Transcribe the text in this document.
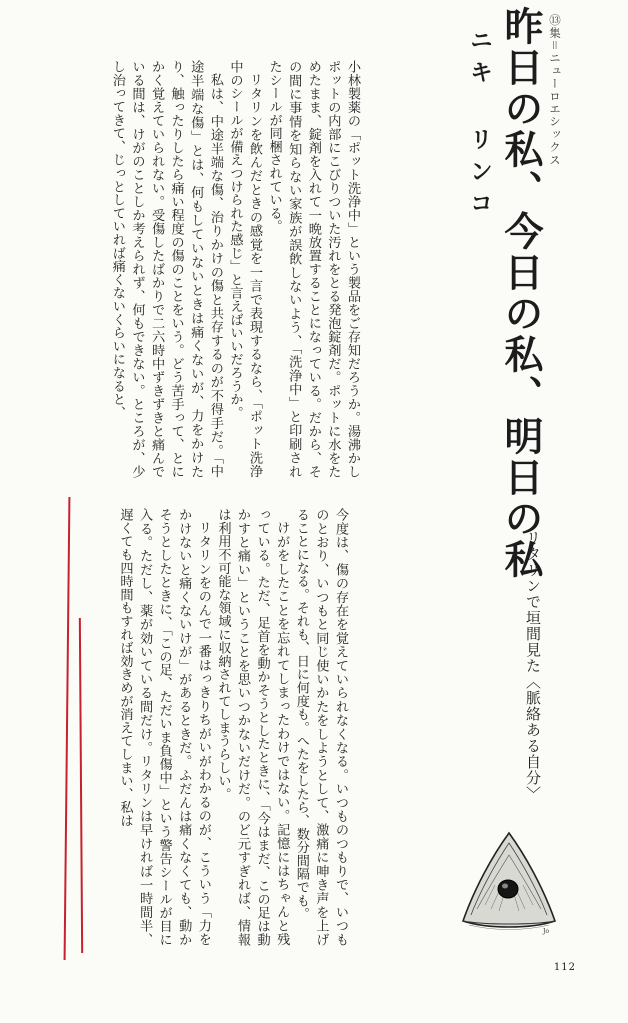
⑬集＝ニューロエシックス
昨日の私、今日の私、明日の私
ニキ リンコ
リタリンで垣間見た〈脈絡ある自分〉

小林製薬の「ポット洗浄中」という製品をご存知だろうか。湯沸かしポットの内部にこびりついた汚れをとる発泡錠剤だ。ポットに水をためたまま、錠剤を入れて一晩放置することになっている。だから、その間に事情を知らない家族が誤飲しないよう、「洗浄中」と印刷されたシールが同梱されている。

リタリンを飲んだときの感覚を一言で表現するなら、「ポット洗浄中のシールが備えつけられた感じ」と言えばいいだろうか。

私は、中途半端な傷、治りかけの傷と共存するのが不得手だ。「中途半端な傷」とは、何もしていないときは痛くないが、力をかけたり、触ったりしたら痛い程度の傷のことをいう。どう苦手って、とにかく覚えていられない。受傷したばかりで二六時中ずきずきと痛んでいる間は、けがのことしか考えられず、何もできない。ところが、少し治ってきて、じっとしていれば痛くないくらいになると、

今度は、傷の存在を覚えていられなくなる。いつものつもりで、いつものとおり、いつもと同じ使いかたをしようとして、激痛に呻き声を上げることになる。それも、日に何度も。へたをしたら、数分間隔でも。

けがをしたことを忘れてしまったわけではない。記憶にはちゃんと残っている。ただ、足首を動かそうとしたときに、「今はまだ、この足は動かすと痛い」ということを思いつかないだけだ。のど元すぎれば、情報は利用不可能な領域に収納されてしまうらしい。

リタリンをのんで一番はっきりちがいがわかるのが、こういう「力をかけないと痛くないけが」があるときだ。ふだんは痛くなくても、動かそうとしたときに、「この足、ただいま負傷中」という警告シールが目に入る。ただし、薬が効いている間だけ。リタリンは早ければ一時間半、遅くても四時間もすれば効きめが消えてしまい、私は

Jo
112
